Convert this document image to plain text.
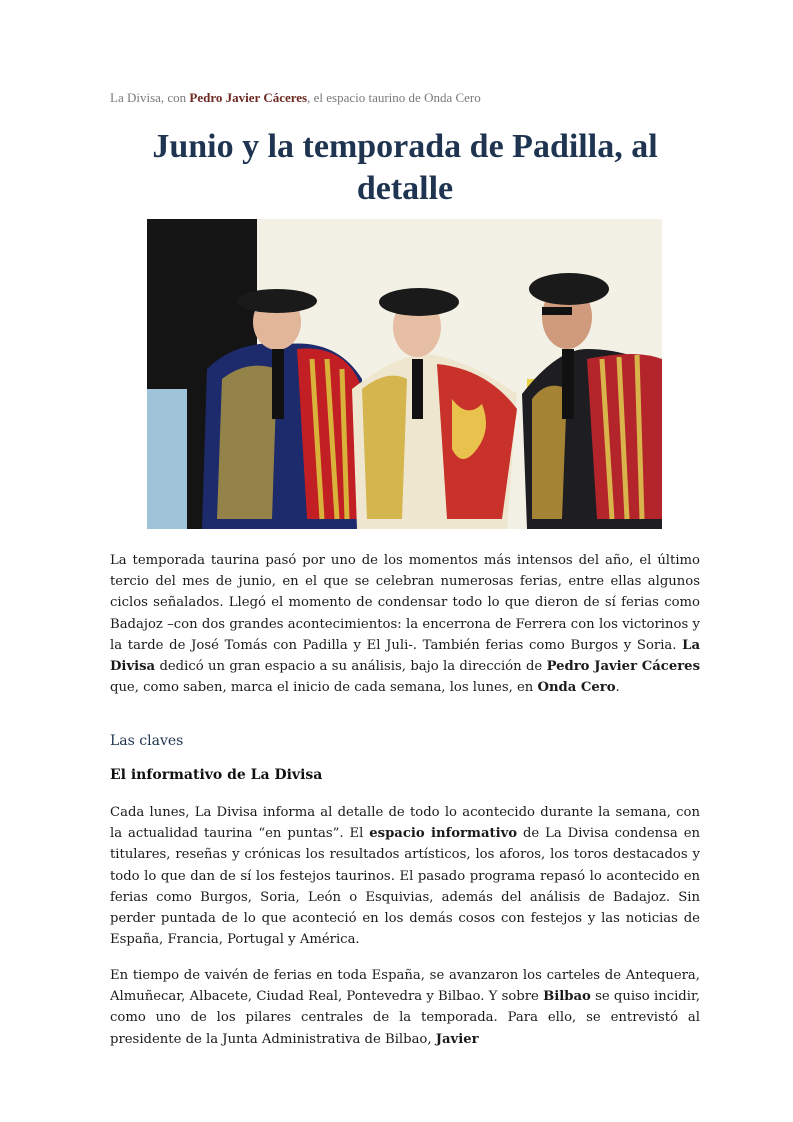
La Divisa, con Pedro Javier Cáceres, el espacio taurino de Onda Cero
Junio y la temporada de Padilla, al detalle

La temporada taurina pasó por uno de los momentos más intensos del año, el último tercio del mes de junio, en el que se celebran numerosas ferias, entre ellas algunos ciclos señalados. Llegó el momento de condensar todo lo que dieron de sí ferias como Badajoz –con dos grandes acontecimientos: la encerrona de Ferrera con los victorinos y la tarde de José Tomás con Padilla y El Juli-. También ferias como Burgos y Soria. La Divisa dedicó un gran espacio a su análisis, bajo la dirección de Pedro Javier Cáceres que, como saben, marca el inicio de cada semana, los lunes, en Onda Cero.

Las claves
El informativo de La Divisa

Cada lunes, La Divisa informa al detalle de todo lo acontecido durante la semana, con la actualidad taurina “en puntas”. El espacio informativo de La Divisa condensa en titulares, reseñas y crónicas los resultados artísticos, los aforos, los toros destacados y todo lo que dan de sí los festejos taurinos. El pasado programa repasó lo acontecido en ferias como Burgos, Soria, León o Esquivias, además del análisis de Badajoz. Sin perder puntada de lo que aconteció en los demás cosos con festejos y las noticias de España, Francia, Portugal y América.

En tiempo de vaivén de ferias en toda España, se avanzaron los carteles de Antequera, Almuñecar, Albacete, Ciudad Real, Pontevedra y Bilbao. Y sobre Bilbao se quiso incidir, como uno de los pilares centrales de la temporada. Para ello, se entrevistó al presidente de la Junta Administrativa de Bilbao, Javier
